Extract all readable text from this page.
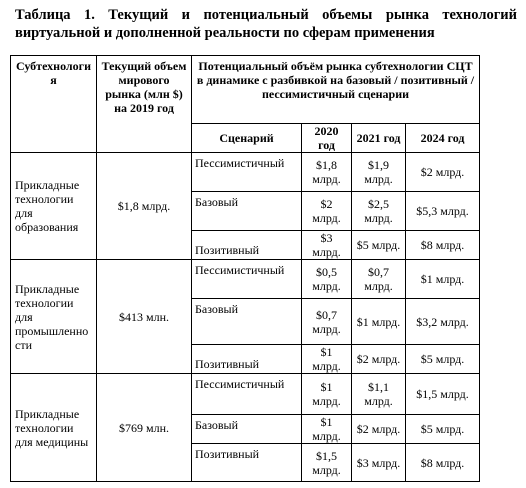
Таблица 1. Текущий и потенциальный объемы рынка технологий виртуальной и дополненной реальности по сферам применения
Субтехнологи я	Текущий объем мирового рынка (млн $) на 2019 год	Потенциальный объём рынка субтехнологии СЦТ в динамике с разбивкой на базовый / позитивный / пессимистичный сценарии			
		Сценарий	2020 год	2021 год	2024 год
Прикладные технологии для образования	$1,8 млрд.	Пессимистичный	$1,8 млрд.	$1,9 млрд.	$2 млрд.
		Базовый	$2 млрд.	$2,5 млрд.	$5,3 млрд.
		Позитивный	$3 млрд.	$5 млрд.	$8 млрд.
Прикладные технологии для промышленно сти	$413 млн.	Пессимистичный	$0,5 млрд.	$0,7 млрд.	$1 млрд.
		Базовый	$0,7 млрд.	$1 млрд.	$3,2 млрд.
		Позитивный	$1 млрд.	$2 млрд.	$5 млрд.
Прикладные технологии для медицины	$769 млн.	Пессимистичный	$1 млрд.	$1,1 млрд.	$1,5 млрд.
		Базовый	$1 млрд.	$2 млрд.	$5 млрд.
		Позитивный	$1,5 млрд.	$3 млрд.	$8 млрд.
